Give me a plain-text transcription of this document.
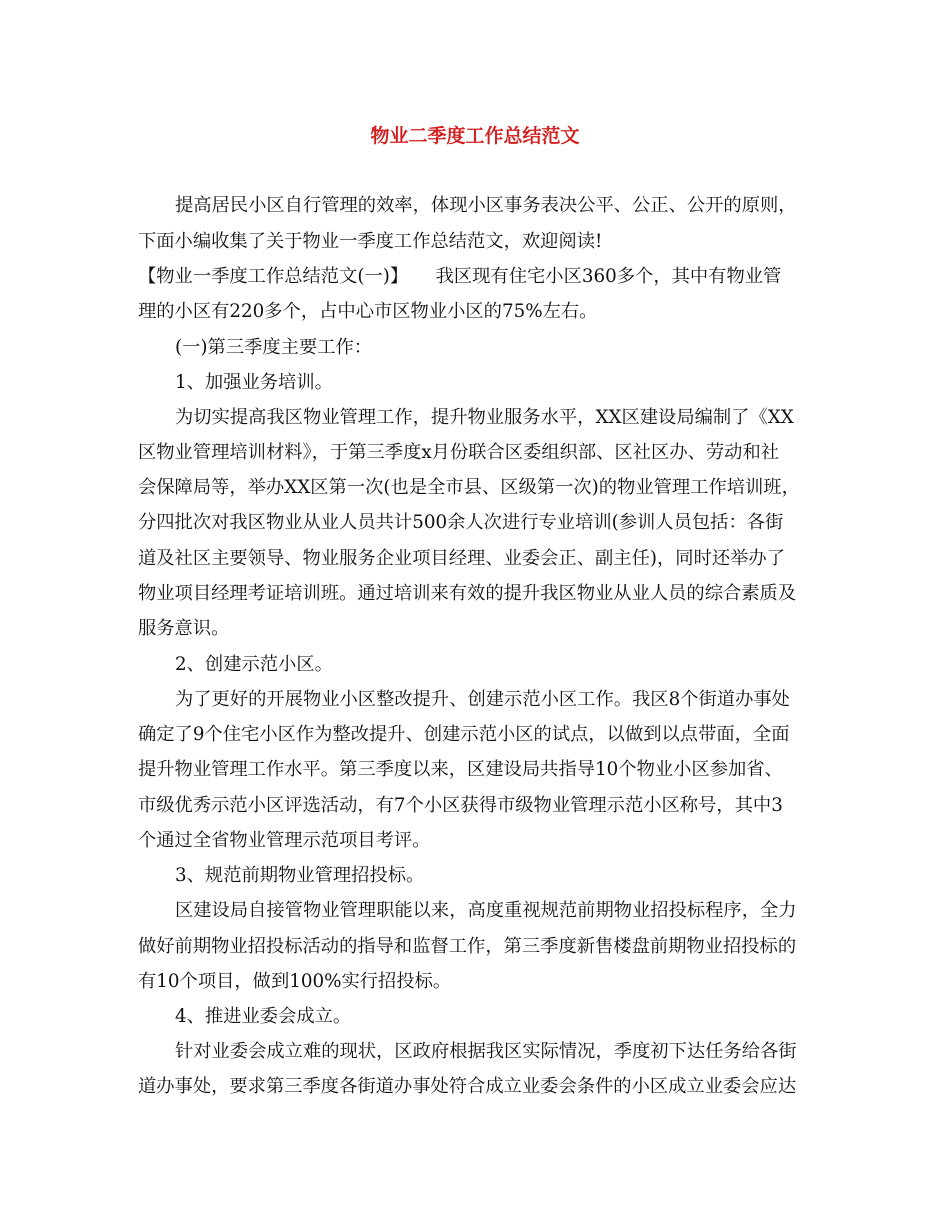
物业二季度工作总结范文
提高居民小区自行管理的效率，体现小区事务表决公平、公正、公开的原则，
下面小编收集了关于物业一季度工作总结范文，欢迎阅读!
【物业一季度工作总结范文(一)】　　我区现有住宅小区360多个，其中有物业管
理的小区有220多个，占中心市区物业小区的75%左右。
(一)第三季度主要工作：
1、加强业务培训。
为切实提高我区物业管理工作，提升物业服务水平，XX区建设局编制了《XX
区物业管理培训材料》，于第三季度x月份联合区委组织部、区社区办、劳动和社
会保障局等，举办XX区第一次(也是全市县、区级第一次)的物业管理工作培训班，
分四批次对我区物业从业人员共计500余人次进行专业培训(参训人员包括：各街
道及社区主要领导、物业服务企业项目经理、业委会正、副主任)，同时还举办了
物业项目经理考证培训班。通过培训来有效的提升我区物业从业人员的综合素质及
服务意识。
2、创建示范小区。
为了更好的开展物业小区整改提升、创建示范小区工作。我区8个街道办事处
确定了9个住宅小区作为整改提升、创建示范小区的试点，以做到以点带面，全面
提升物业管理工作水平。第三季度以来，区建设局共指导10个物业小区参加省、
市级优秀示范小区评选活动，有7个小区获得市级物业管理示范小区称号，其中3
个通过全省物业管理示范项目考评。
3、规范前期物业管理招投标。
区建设局自接管物业管理职能以来，高度重视规范前期物业招投标程序，全力
做好前期物业招投标活动的指导和监督工作，第三季度新售楼盘前期物业招投标的
有10个项目，做到100%实行招投标。
4、推进业委会成立。
针对业委会成立难的现状，区政府根据我区实际情况，季度初下达任务给各街
道办事处，要求第三季度各街道办事处符合成立业委会条件的小区成立业委会应达
